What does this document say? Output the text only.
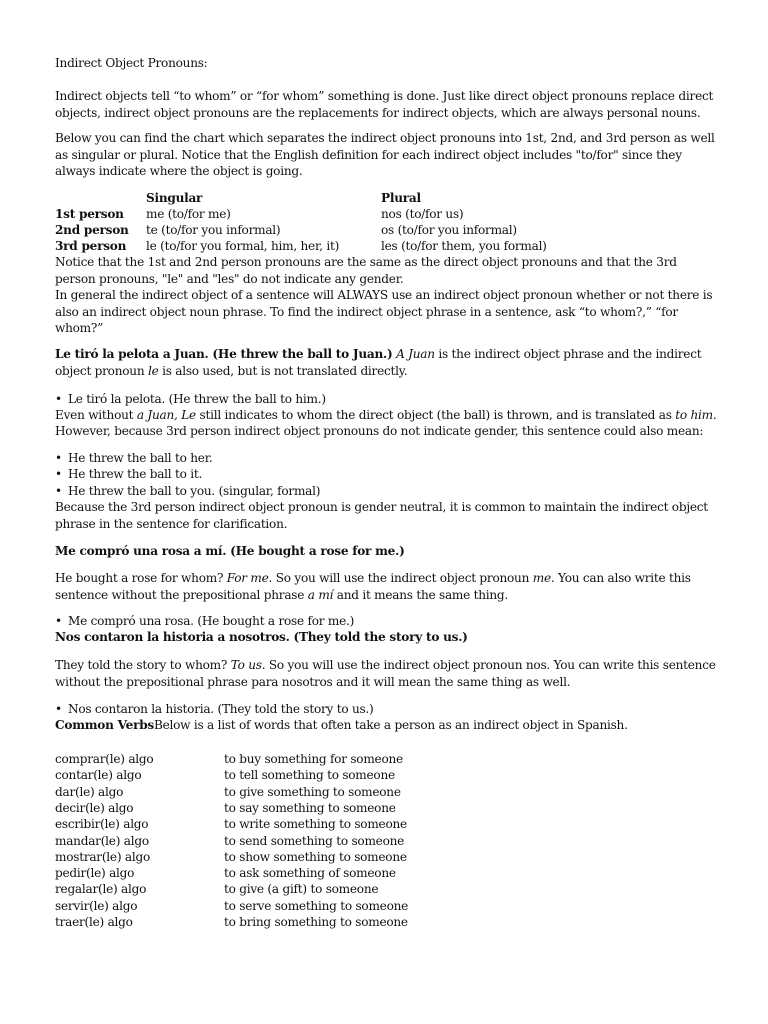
Indirect Object Pronouns:

Indirect objects tell “to whom” or “for whom” something is done. Just like direct object pronouns replace direct objects, indirect object pronouns are the replacements for indirect objects, which are always personal nouns.

Below you can find the chart which separates the indirect object pronouns into 1st, 2nd, and 3rd person as well as singular or plural. Notice that the English definition for each indirect object includes "to/for" since they always indicate where the object is going.

Singular	Plural
1st person me (to/for me)	nos (to/for us)
2nd person te (to/for you informal)	os (to/for you informal)
3rd person le (to/for you formal, him, her, it)	les (to/for them, you formal)

Notice that the 1st and 2nd person pronouns are the same as the direct object pronouns and that the 3rd person pronouns, "le" and "les" do not indicate any gender.

In general the indirect object of a sentence will ALWAYS use an indirect object pronoun whether or not there is also an indirect object noun phrase. To find the indirect object phrase in a sentence, ask “to whom?,” “for whom?”

Le tiró la pelota a Juan. (He threw the ball to Juan.) A Juan is the indirect object phrase and the indirect object pronoun le is also used, but is not translated directly.

• Le tiró la pelota. (He threw the ball to him.)

Even without a Juan, Le still indicates to whom the direct object (the ball) is thrown, and is translated as to him.

However, because 3rd person indirect object pronouns do not indicate gender, this sentence could also mean:

• He threw the ball to her.
• He threw the ball to it.
• He threw the ball to you. (singular, formal)

Because the 3rd person indirect object pronoun is gender neutral, it is common to maintain the indirect object phrase in the sentence for clarification.

Me compró una rosa a mí. (He bought a rose for me.)

He bought a rose for whom? For me. So you will use the indirect object pronoun me. You can also write this sentence without the prepositional phrase a mí and it means the same thing.

• Me compró una rosa. (He bought a rose for me.)

Nos contaron la historia a nosotros. (They told the story to us.)

They told the story to whom? To us. So you will use the indirect object pronoun nos. You can write this sentence without the prepositional phrase para nosotros and it will mean the same thing as well.

• Nos contaron la historia. (They told the story to us.)

Common VerbsBelow is a list of words that often take a person as an indirect object in Spanish.

comprar(le) algo	to buy something for someone
contar(le) algo	to tell something to someone
dar(le) algo	to give something to someone
decir(le) algo	to say something to someone
escribir(le) algo	to write something to someone
mandar(le) algo	to send something to someone
mostrar(le) algo	to show something to someone
pedir(le) algo	to ask something of someone
regalar(le) algo	to give (a gift) to someone
servir(le) algo	to serve something to someone
traer(le) algo	to bring something to someone
